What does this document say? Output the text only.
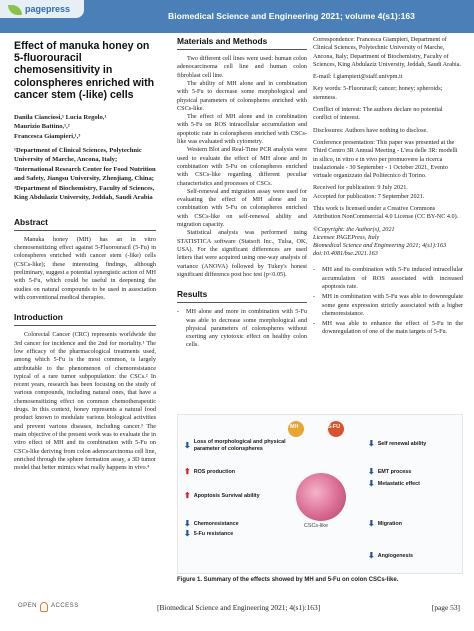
pagepress
Biomedical Science and Engineering 2021; volume 4(s1):163
Effect of manuka honey on 5-fluorouracil chemosensitivity in colonspheres enriched with cancer stem (-like) cells
Danila Cianciosi,¹ Lucia Regolo,¹
Maurizio Battino,¹,²
Francesca Giampieri,¹,³
¹Department of Clinical Sciences, Polytechnic University of Marche, Ancona, Italy; ²International Research Center for Food Nutrition and Safety, Jiangsu University, Zhenjiang, China; ³Department of Biochemistry, Faculty of Sciences, King Abdulaziz University, Jeddah, Saudi Arabia
Abstract
Manuka honey (MH) has an in vitro chemosensitizing effect against 5-Fluorouracil (5-Fu) in colonspheres enriched with cancer stem (-like) cells (CSCs-like); these interesting findings, although preliminary, suggest a potential synergistic action of MH with 5-Fu, which could be useful in deepening the studies on natural compounds to be used in association with conventional medical therapies.
Introduction
Colorectal Cancer (CRC) represents worldwide the 3rd cancer for incidence and the 2nd for mortality.¹ The low efficacy of the pharmacological treatments used, among which 5-Fu is the most common, is largely attributable to the phenomenon of chemoresistance typical of a rare tumor subpopulation: the CSCs.² In recent years, research has been focusing on the study of various compounds, including natural ones, that have a chemosensitizing effect on common chemotherapeutic drugs. In this context, honey represents a natural food product known to modulate various biological activities and prevent various diseases, including cancer.³ The main objective of the present work was to evaluate the in vitro effect of MH and its combination with 5-Fu on CSCs-like deriving from colon adenocarcinoma cell line, enriched through the sphere formation assay, a 3D tumor model that better mimics what really happens in vivo.⁴
Materials and Methods
Two different cell lines were used: human colon adenocarcinoma cell line and human colon fibroblast cell line.
The ability of MH alone and in combination with 5-Fu to decrease some morphological and physical parameters of colonspheres enriched with CSCs-like.
The effect of MH alone and in combination with 5-Fu on ROS intracellular accumulation and apoptotic rate in colonspheres enriched with CSCs-like was evaluated with cytometry.
Western Blot and Real-Time PCR analysis were used to evaluate the effect of MH alone and in combination with 5-Fu on colonspheres enriched with CSCs-like regarding different peculiar characteristics and processes of CSCs.
Self-renewal and migration assay were used for evaluating the effect of MH alone and in combination with 5-Fu on colonspheres enriched with CSCs-like on self-renewal ability and migration capacity.
Statistical analysis was performed using STATISTICA software (Statsoft Inc., Tulsa, OK, USA). For the significant differences are used letters that were acquired using one-way analysis of variance (ANOVA) followed by Tukey's honest significant difference post hoc test (p<0.05).
Results
- MH alone and more in combination with 5-Fu was able to decrease some morphological and physical parameters of colonspheres without exerting any cytotoxic effect on healthy colon cells.

Correspondence: Francesca Giampieri, Department of Clinical Sciences, Polytechnic University of Marche, Ancona, Italy; Department of Biochemistry, Faculty of Sciences, King Abdulaziz University, Jeddah, Saudi Arabia.

E-mail: f.giampieri@staff.univpm.it

Key words: 5-Fluoruracil; cancer; honey; spheroids; stemness.

Conflict of interest: The authors declare no potential conflict of interest.

Disclosures: Authors have nothing to disclose.

Conference presentation: This paper was presented at the Third Centro 3R Annual Meeting - L'era delle 3R: modelli in silico, in vitro e in vivo per promuovere la ricerca traslazionale - 30 September - 1 October 2021, Evento virtuale organizzato dal Politecnico di Torino.

Received for publication: 9 July 2021.

Accepted for publication: 7 September 2021.

This work is licensed under a Creative Commons Attribution NonCommercial 4.0 License (CC BY-NC 4.0).

©Copyright: the Author(s), 2021
Licensee PAGEPress, Italy
Biomedical Science and Engineering 2021; 4(s1):163
doi:10.4081/bse.2021.163
- MH and its combination with 5-Fu induced intracellular accumulation of ROS associated with increased apoptosis rate.
- MH in combination with 5-Fu was able to downregulate some gene expression strictly associated with a higher chemoresistance.
- MH was able to enhance the effect of 5-Fu in the downregulation of one of the main targets of 5-Fu.
MH	5-FU
CSCs-like
⬇ Loss of morphological and physical parameter of colonspheres
⬆ ROS production
⬆ Apoptosis Survival ability
⬇ Chemoresistance
⬇ 5-Fu resistance
⬇ Self renewal ability
⬇ EMT process
⬇ Metastatic effect
⬇ Migration
⬇ Angiogenesis
Figure 1. Summary of the effects showed by MH and 5-Fu on colon CSCs-like.
OPEN ACCESS	[Biomedical Science and Engineering 2021; 4(s1):163]	[page 53]
